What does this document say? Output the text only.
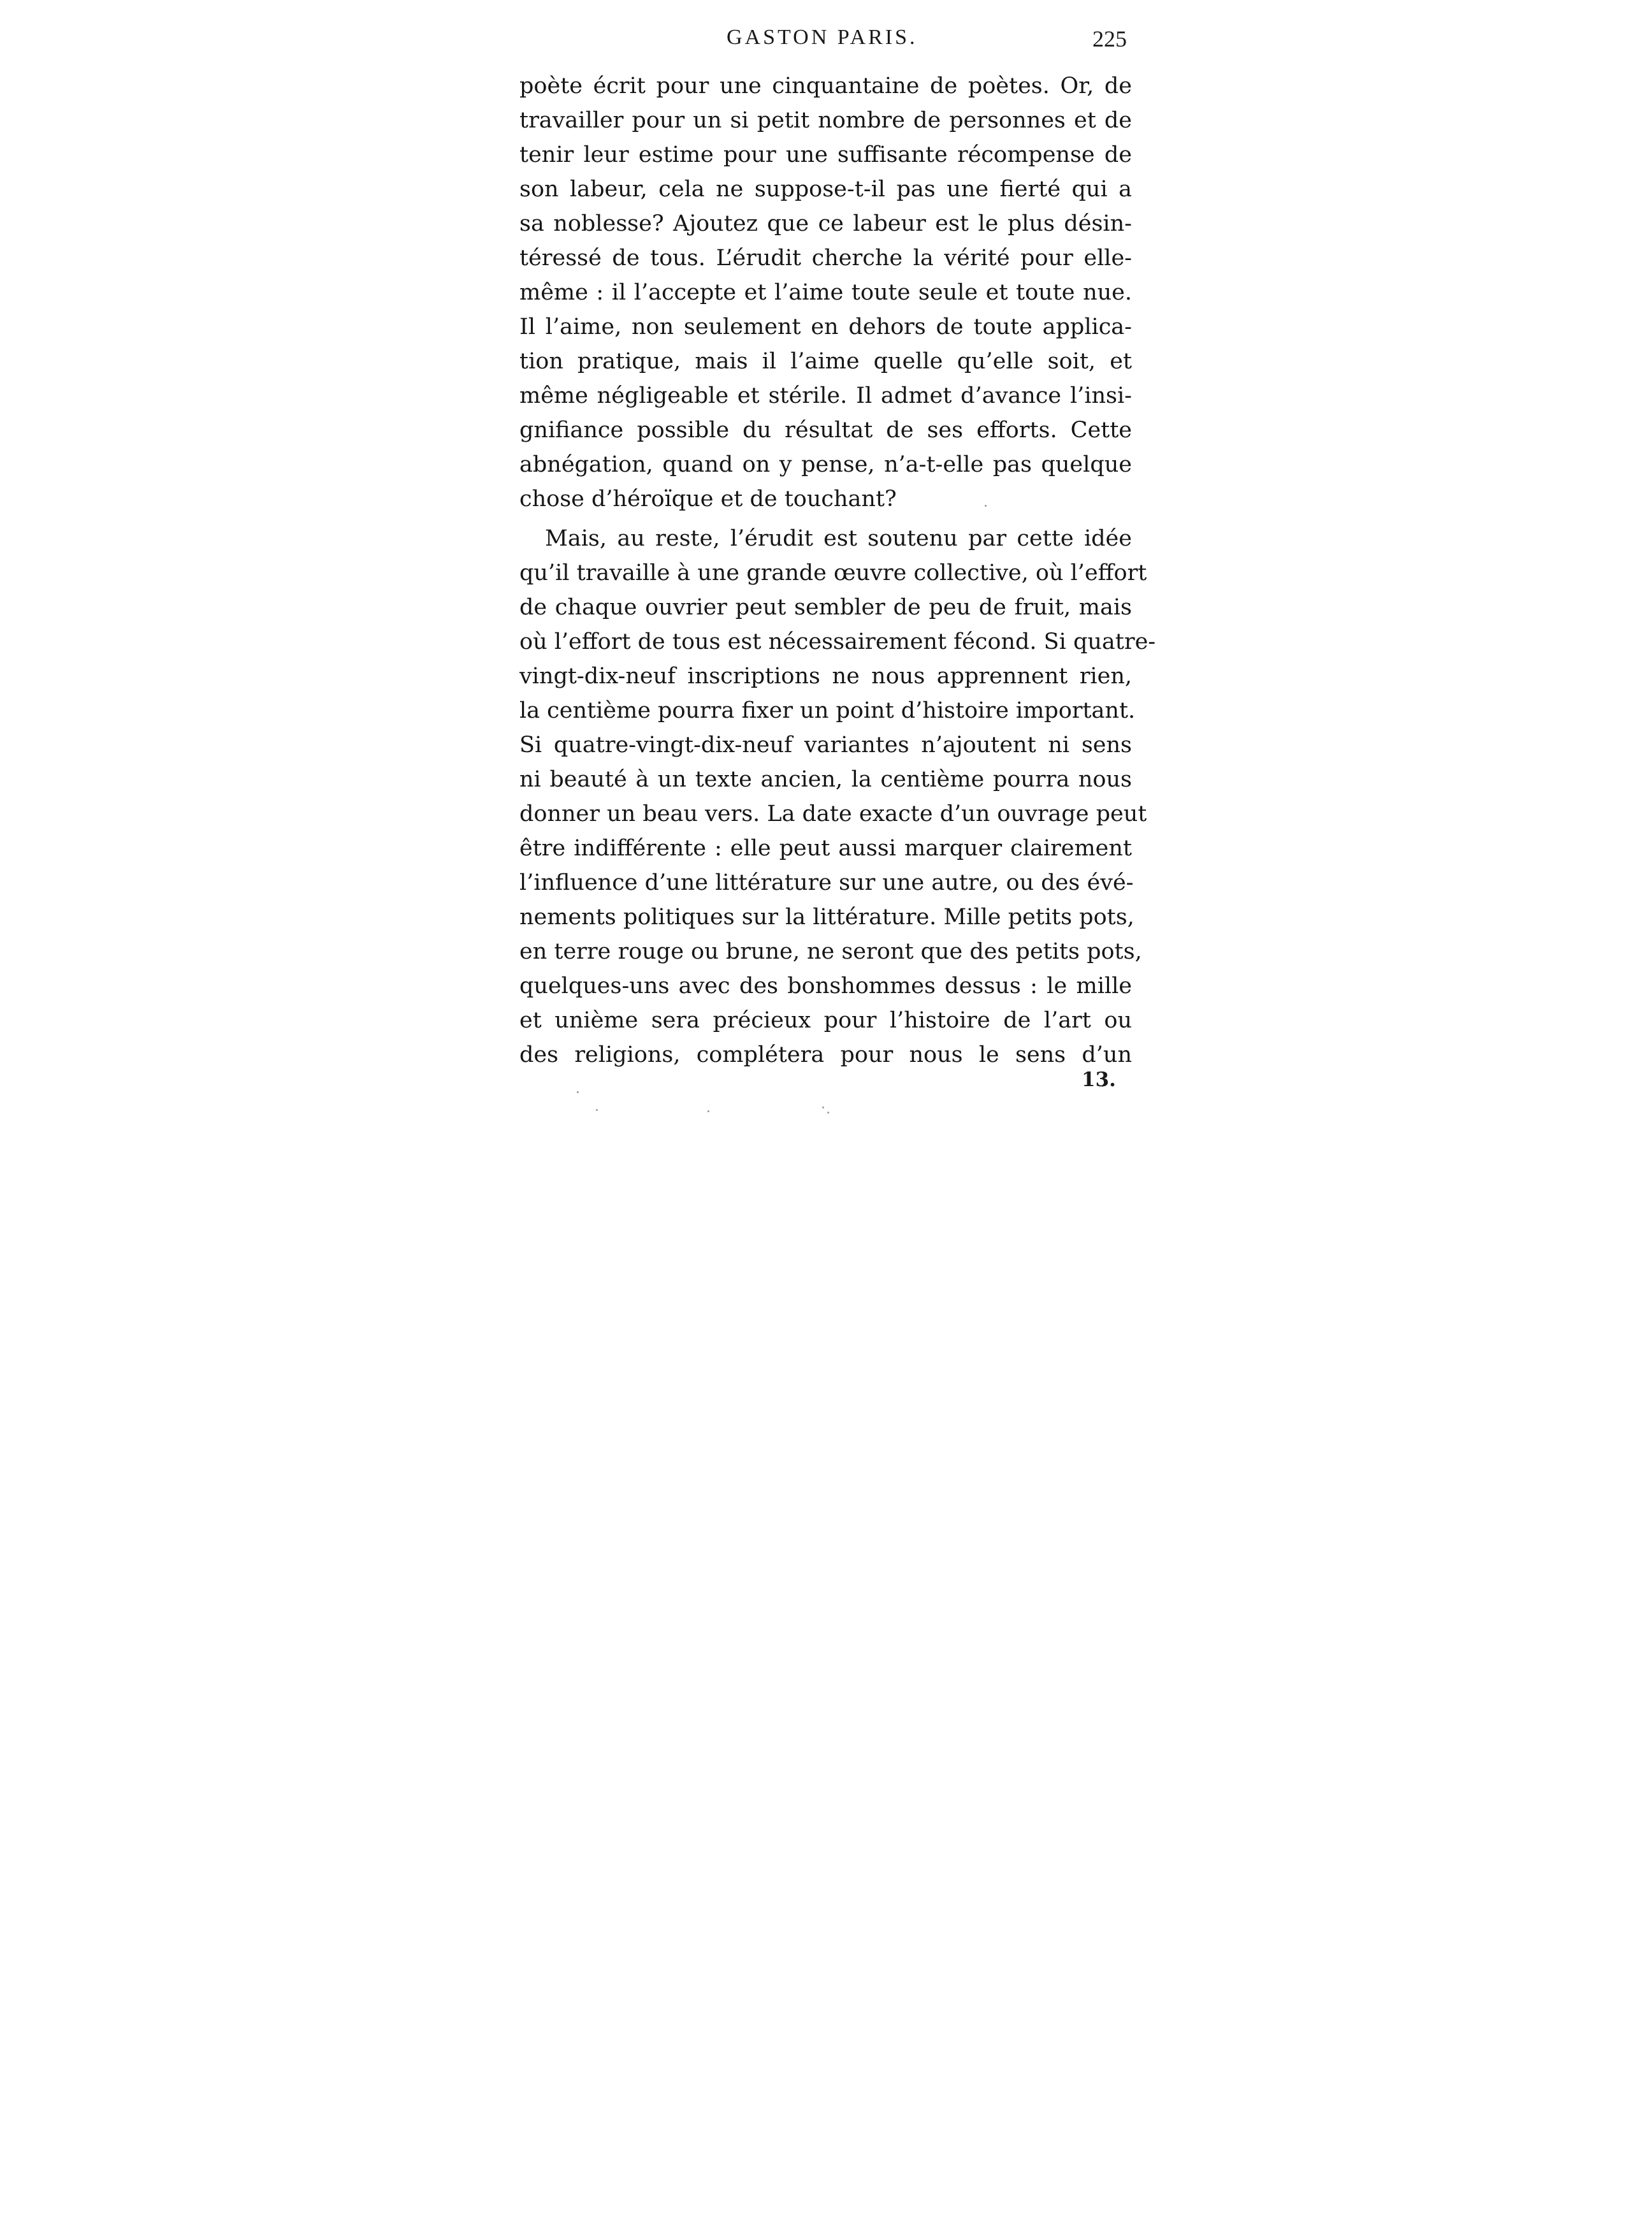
GASTON PARIS.	225
poète écrit pour une cinquantaine de poètes. Or, de
travailler pour un si petit nombre de personnes et de
tenir leur estime pour une suffisante récompense de
son labeur, cela ne suppose-t-il pas une fierté qui a
sa noblesse? Ajoutez que ce labeur est le plus désin-
téressé de tous. L’érudit cherche la vérité pour elle-
même : il l’accepte et l’aime toute seule et toute nue.
Il l’aime, non seulement en dehors de toute applica-
tion pratique, mais il l’aime quelle qu’elle soit, et
même négligeable et stérile. Il admet d’avance l’insi-
gnifiance possible du résultat de ses efforts. Cette
abnégation, quand on y pense, n’a-t-elle pas quelque
chose d’héroïque et de touchant?
Mais, au reste, l’érudit est soutenu par cette idée
qu’il travaille à une grande œuvre collective, où l’effort
de chaque ouvrier peut sembler de peu de fruit, mais
où l’effort de tous est nécessairement fécond. Si quatre-
vingt-dix-neuf inscriptions ne nous apprennent rien,
la centième pourra fixer un point d’histoire important.
Si quatre-vingt-dix-neuf variantes n’ajoutent ni sens
ni beauté à un texte ancien, la centième pourra nous
donner un beau vers. La date exacte d’un ouvrage peut
être indifférente : elle peut aussi marquer clairement
l’influence d’une littérature sur une autre, ou des évé-
nements politiques sur la littérature. Mille petits pots,
en terre rouge ou brune, ne seront que des petits pots,
quelques-uns avec des bonshommes dessus : le mille
et unième sera précieux pour l’histoire de l’art ou
des religions, complétera pour nous le sens d’un
13.
